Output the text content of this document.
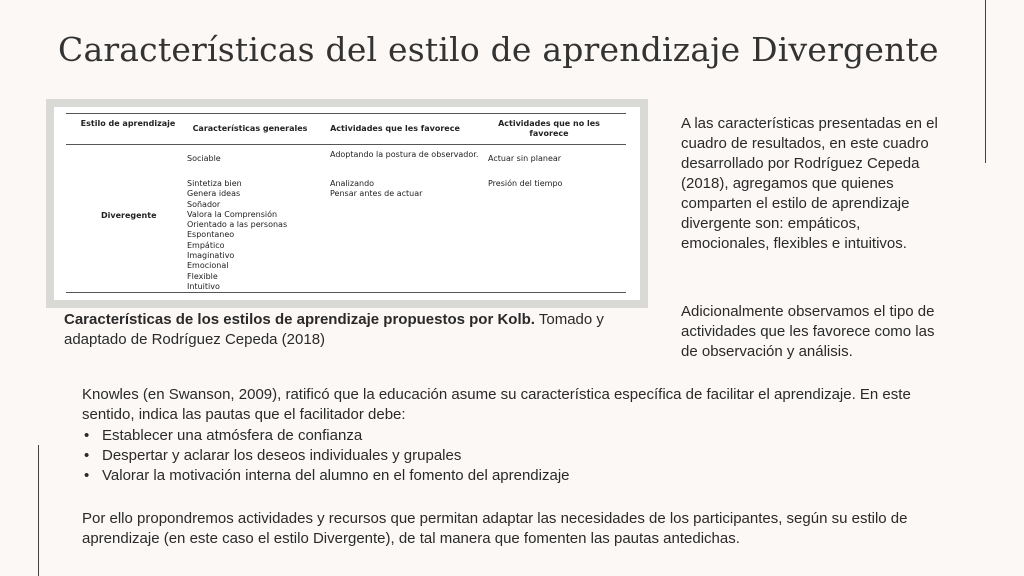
Características del estilo de aprendizaje Divergente
Estilo de aprendizaje
Características generales	Actividades que les favorece
Actividades que no les favorece
Diveregente
Sociable	Adoptando la postura de observador. Actuar sin planear
Sintetiza bien
Genera ideas
Soñador
Valora la Comprensión
Orientado a las personas
Espontaneo
Empático
Imaginativo
Emocional
Flexible
Intuitivo
Analizando
Pensar antes de actuar
Presión del tiempo
Características de los estilos de aprendizaje propuestos por Kolb. Tomado y adaptado de Rodríguez Cepeda (2018)
A las características presentadas en el cuadro de resultados, en este cuadro desarrollado por Rodríguez Cepeda (2018), agregamos que quienes comparten el estilo de aprendizaje divergente son: empáticos, emocionales, flexibles e intuitivos.
Adicionalmente observamos el tipo de actividades que les favorece como las de observación y análisis.
Knowles (en Swanson, 2009), ratificó que la educación asume su característica específica de facilitar el aprendizaje. En este sentido, indica las pautas que el facilitador debe:
• Establecer una atmósfera de confianza
• Despertar y aclarar los deseos individuales y grupales
• Valorar la motivación interna del alumno en el fomento del aprendizaje
Por ello propondremos actividades y recursos que permitan adaptar las necesidades de los participantes, según su estilo de aprendizaje (en este caso el estilo Divergente), de tal manera que fomenten las pautas antedichas.
